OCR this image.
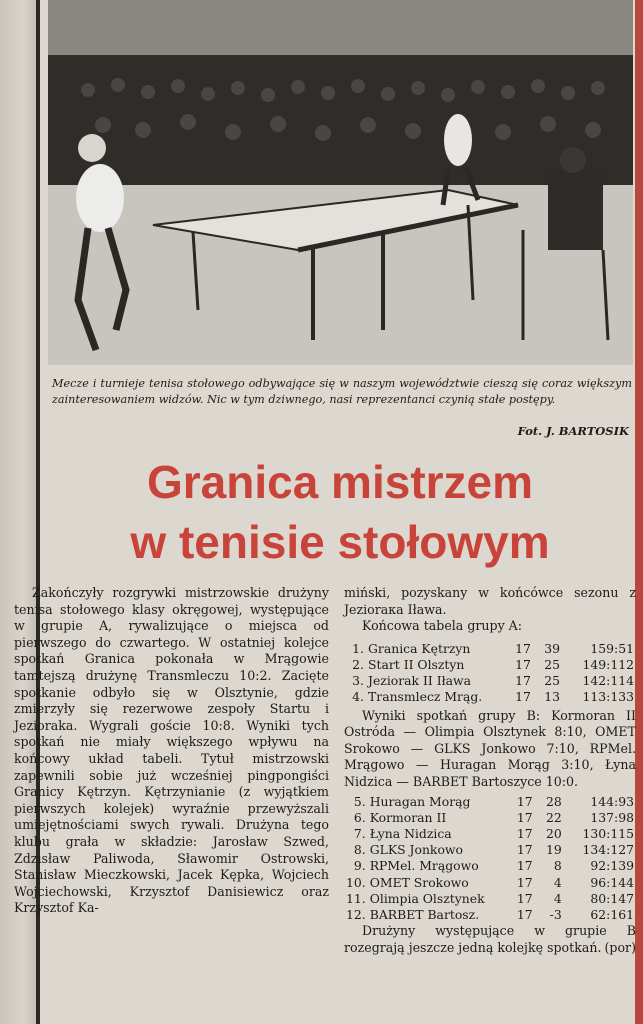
Mecze i turnieje tenisa stołowego odbywające się w naszym województwie cieszą się coraz większym zainteresowaniem widzów. Nic w tym dziwnego, nasi reprezentanci czynią stałe postępy.
Fot. J. BARTOSIK
Granica mistrzem
w tenisie stołowym

Zakończyły rozgrywki mistrzowskie drużyny tenisa stołowego klasy okręgowej, występujące w grupie A, rywalizujące o miejsca od pierwszego do czwartego. W ostatniej kolejce spotkań Granica pokonała w Mrągowie tamtejszą drużynę Transmleczu 10:2. Zacięte spotkanie odbyło się w Olsztynie, gdzie zmierzyły się rezerwowe zespoły Startu i Jezioraka. Wygrali goście 10:8. Wyniki tych spotkań nie miały większego wpływu na końcowy układ tabeli. Tytuł mistrzowski zapewnili sobie już wcześniej pingpongiści Granicy Kętrzyn. Kętrzynianie (z wyjątkiem pierwszych kolejek) wyraźnie przewyższali umiejętnościami swych rywali. Drużyna tego klubu grała w składzie: Jarosław Szwed, Zdzisław Paliwoda, Sławomir Ostrowski, Stanisław Mieczkowski, Jacek Kępka, Wojciech Wojciechowski, Krzysztof Danisiewicz oraz Krzysztof Ka-

miński, pozyskany w końcówce sezonu z Jeziorака Iława.

Końcowa tabela grupy A:

1.	Granica Kętrzyn	17	39	159:51
2.	Start II Olsztyn	17	25	149:112
3.	Jeziorak II Iława	17	25	142:114
4.	Transmlecz Mrąg.	17	13	113:133

Wyniki spotkań grupy B: Kormoran II Ostróda — Olimpia Olsztynek 8:10, OMET Srokowo — GLKS Jonkowo 7:10, RPMel. Mrągowo — Huragan Morąg 3:10, Łyna Nidzica — BARBET Bartoszyce 10:0.

5.	Huragan Morąg	17	28	144:93
6.	Kormoran II	17	22	137:98
7.	Łyna Nidzica	17	20	130:115
8.	GLKS Jonkowo	17	19	134:127
9.	RPMel. Mrągowo	17	8	92:139
10.	OMET Srokowo	17	4	96:144
11.	Olimpia Olsztynek	17	4	80:147
12.	BARBET Bartosz.	17	-3	62:161

Drużyny występujące w grupie B rozegrają jeszcze jedną kolejkę spotkań. (por)
